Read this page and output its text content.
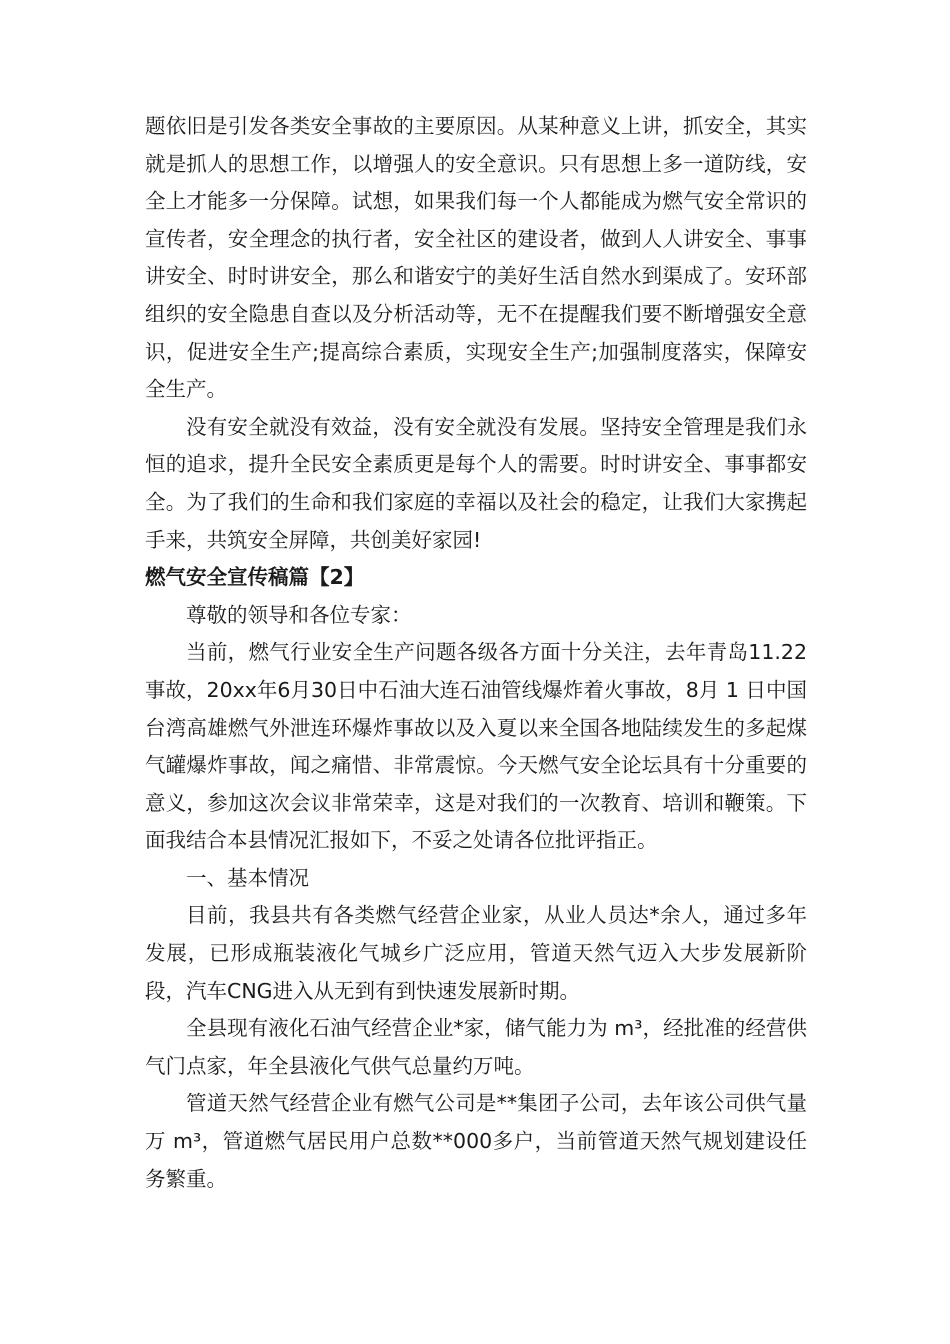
题依旧是引发各类安全事故的主要原因。从某种意义上讲，抓安全，其实就是抓人的思想工作，以增强人的安全意识。只有思想上多一道防线，安全上才能多一分保障。试想，如果我们每一个人都能成为燃气安全常识的宣传者，安全理念的执行者，安全社区的建设者，做到人人讲安全、事事讲安全、时时讲安全，那么和谐安宁的美好生活自然水到渠成了。安环部组织的安全隐患自查以及分析活动等，无不在提醒我们要不断增强安全意识，促进安全生产;提高综合素质，实现安全生产;加强制度落实，保障安全生产。

没有安全就没有效益，没有安全就没有发展。坚持安全管理是我们永恒的追求，提升全民安全素质更是每个人的需要。时时讲安全、事事都安全。为了我们的生命和我们家庭的幸福以及社会的稳定，让我们大家携起手来，共筑安全屏障，共创美好家园!

燃气安全宣传稿篇【2】

尊敬的领导和各位专家：

当前，燃气行业安全生产问题各级各方面十分关注，去年青岛11.22事故，20xx年6月30日中石油大连石油管线爆炸着火事故，8月 1 日中国台湾高雄燃气外泄连环爆炸事故以及入夏以来全国各地陆续发生的多起煤气罐爆炸事故，闻之痛惜、非常震惊。今天燃气安全论坛具有十分重要的意义，参加这次会议非常荣幸，这是对我们的一次教育、培训和鞭策。下面我结合本县情况汇报如下，不妥之处请各位批评指正。

一、基本情况

目前，我县共有各类燃气经营企业家，从业人员达*余人，通过多年发展，已形成瓶装液化气城乡广泛应用，管道天然气迈入大步发展新阶段，汽车CNG进入从无到有到快速发展新时期。

全县现有液化石油气经营企业*家，储气能力为 m³，经批准的经营供气门点家，年全县液化气供气总量约万吨。

管道天然气经营企业有燃气公司是**集团子公司，去年该公司供气量万 m³，管道燃气居民用户总数**000多户，当前管道天然气规划建设任务繁重。
